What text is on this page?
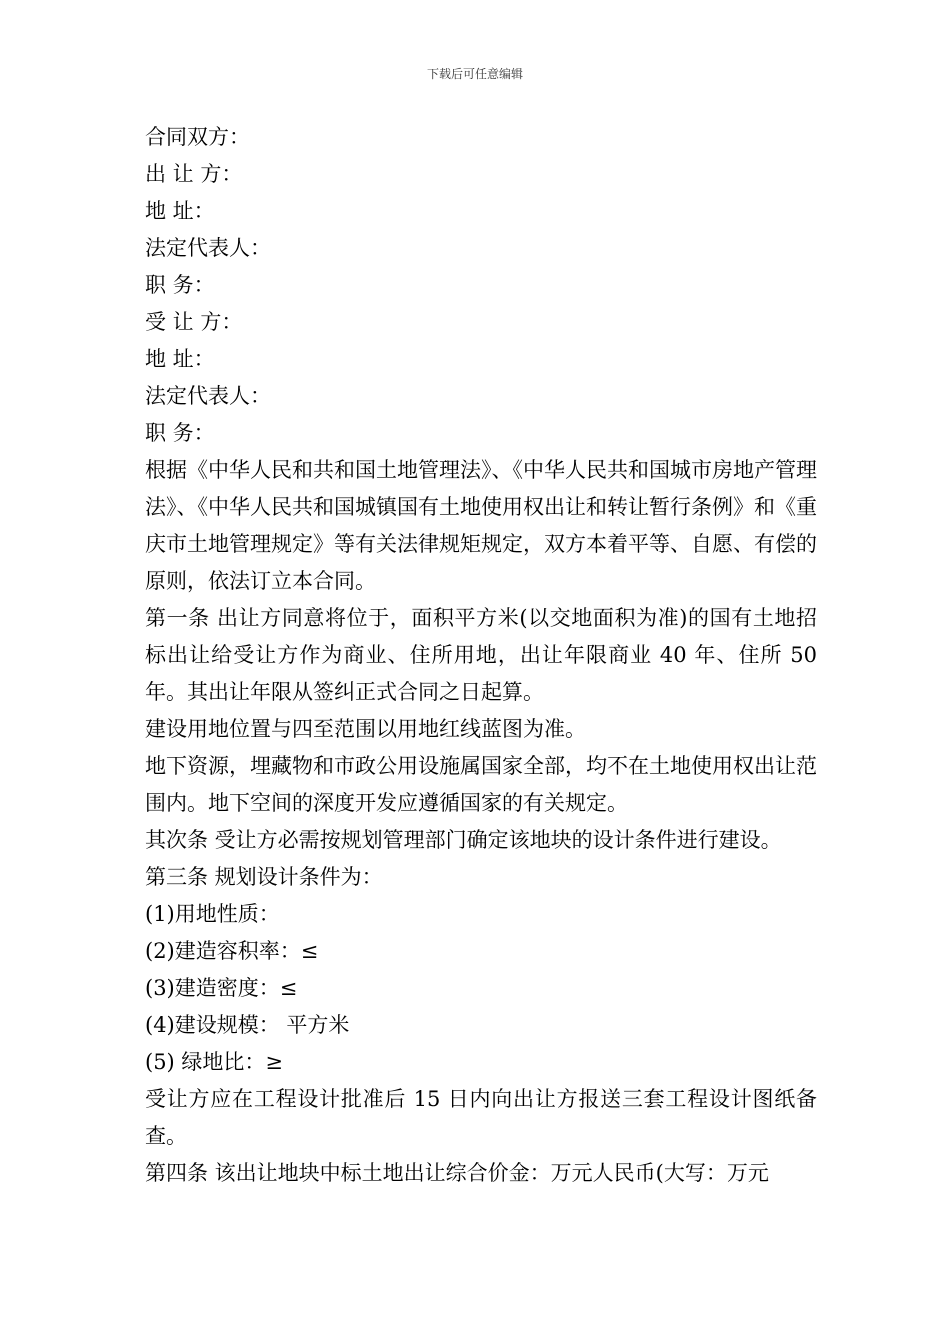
下载后可任意编辑
合同双方：
出 让 方：
地 址：
法定代表人：
职 务：
受 让 方：
地 址：
法定代表人：
职 务：
根据《中华人民和共和国土地管理法》、《中华人民共和国城市房地产管理法》、《中华人民共和国城镇国有土地使用权出让和转让暂行条例》和《重庆市土地管理规定》等有关法律规矩规定，双方本着平等、自愿、有偿的原则，依法订立本合同。
第一条 出让方同意将位于，面积平方米(以交地面积为准)的国有土地招标出让给受让方作为商业、住所用地，出让年限商业 40 年、住所 50 年。其出让年限从签纠正式合同之日起算。
建设用地位置与四至范围以用地红线蓝图为准。
地下资源，埋藏物和市政公用设施属国家全部，均不在土地使用权出让范围内。地下空间的深度开发应遵循国家的有关规定。
其次条 受让方必需按规划管理部门确定该地块的设计条件进行建设。
第三条 规划设计条件为：
(1)用地性质：
(2)建造容积率：≤
(3)建造密度：≤
(4)建设规模： 平方米
(5) 绿地比：≥
受让方应在工程设计批准后 15 日内向出让方报送三套工程设计图纸备查。
第四条 该出让地块中标土地出让综合价金：万元人民币(大写：万元
